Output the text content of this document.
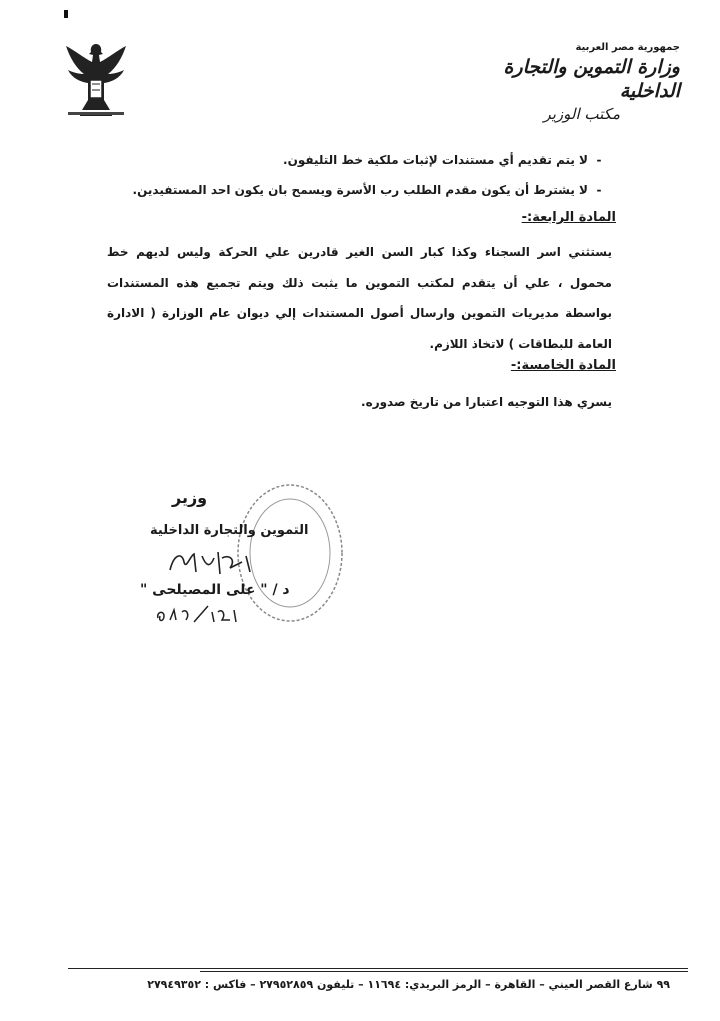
جمهورية مصر العربية
وزارة التموين والتجارة الداخلية
مكتب الوزير
-لا يتم تقديم أي مستندات لإثبات ملكية خط التليفون.
-لا يشترط أن يكون مقدم الطلب رب الأسرة ويسمح بان يكون احد المستفيدين.
المادة الرابعة:-
يستثني اسر السجناء وكذا كبار السن الغير قادرين علي الحركة وليس لديهم خط محمول ، علي أن يتقدم لمكتب التموين ما يثبت ذلك ويتم تجميع هذه المستندات بواسطة مديريات التموين وارسال أصول المستندات إلي ديوان عام الوزارة ( الادارة العامة للبطاقات ) لاتخاذ اللازم.
المادة الخامسة:-
يسري هذا التوجيه اعتبارا من تاريخ صدوره.
وزير
التموين والتجارة الداخلية
د / " على المصيلحى "
٩٩ شارع القصر العيني – القاهرة – الرمز البريدي: ١١٦٩٤ – تليفون ٢٧٩٥٢٨٥٩ – فاكس : ٢٧٩٤٩٣٥٢
